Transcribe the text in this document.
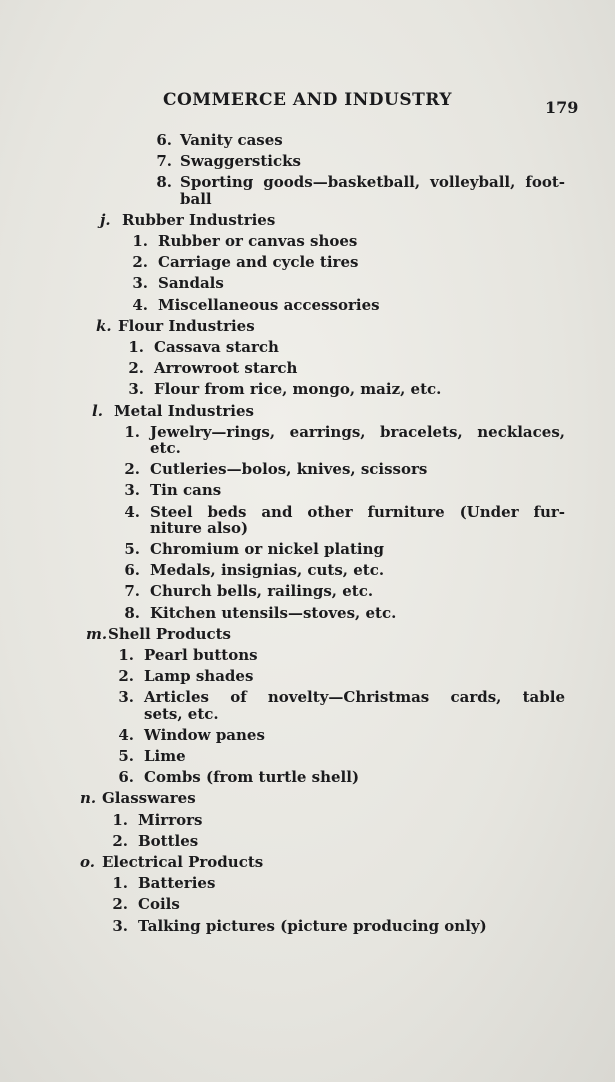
COMMERCE AND INDUSTRY	179
6. Vanity cases
7. Swaggersticks
8. Sporting goods—basketball, volleyball, foot-
ball
j. Rubber Industries
1. Rubber or canvas shoes
2. Carriage and cycle tires
3. Sandals
4. Miscellaneous accessories
k. Flour Industries
1. Cassava starch
2. Arrowroot starch
3. Flour from rice, mongo, maiz, etc.
l. Metal Industries
1. Jewelry—rings, earrings, bracelets, necklaces,
etc.
2. Cutleries—bolos, knives, scissors
3. Tin cans
4. Steel beds and other furniture (Under fur-
niture also)
5. Chromium or nickel plating
6. Medals, insignias, cuts, etc.
7. Church bells, railings, etc.
8. Kitchen utensils—stoves, etc.
m. Shell Products
1. Pearl buttons
2. Lamp shades
3. Articles of novelty—Christmas cards, table
sets, etc.
4. Window panes
5. Lime
6. Combs (from turtle shell)
n. Glasswares
1. Mirrors
2. Bottles
o. Electrical Products
1. Batteries
2. Coils
3. Talking pictures (picture producing only)
